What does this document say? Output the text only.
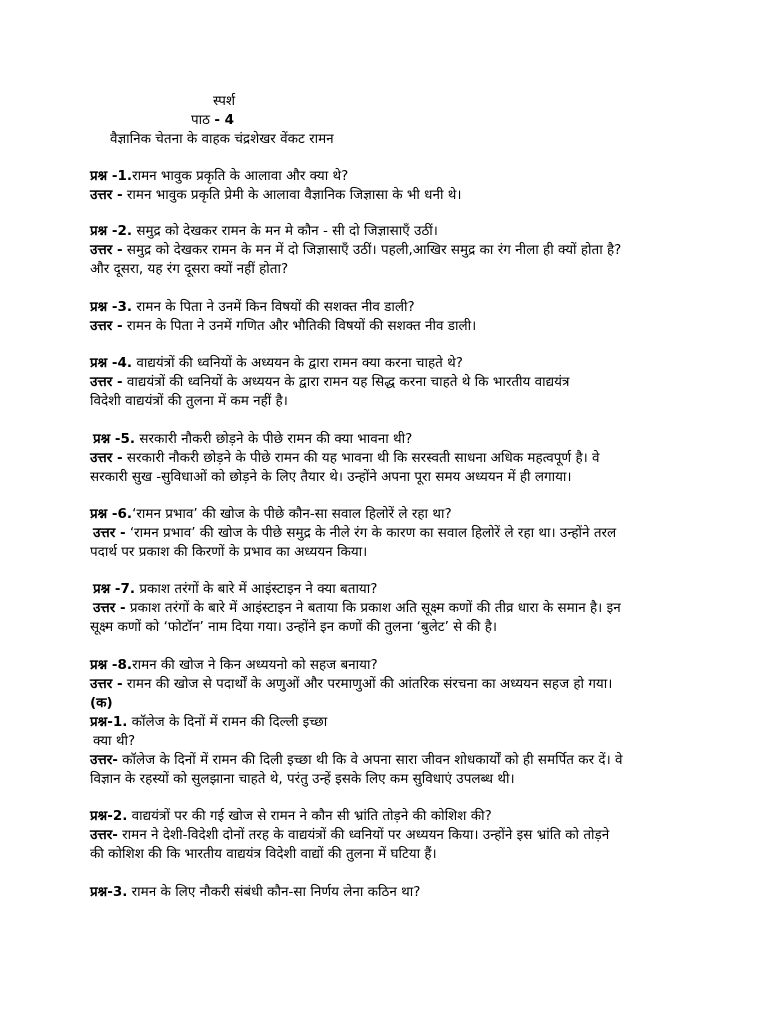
स्पर्श
पाठ - 4
वैज्ञानिक चेतना के वाहक चंद्रशेखर वेंकट रामन
प्रश्न -1.रामन भावुक प्रकृति के आलावा और क्या थे?
उत्तर - रामन भावुक प्रकृति प्रेमी के आलावा वैज्ञानिक जिज्ञासा के भी धनी थे।
प्रश्न -2. समुद्र को देखकर रामन के मन मे कौन - सी दो जिज्ञासाएँ उठीं।
उत्तर - समुद्र को देखकर रामन के मन में दो जिज्ञासाएँ उठीं। पहली,आखिर समुद्र का रंग नीला ही क्यों होता है?
और दूसरा, यह रंग दूसरा क्यों नहीं होता?
प्रश्न -3. रामन के पिता ने उनमें किन विषयों की सशक्त नीव डाली?
उत्तर - रामन के पिता ने उनमें गणित और भौतिकी विषयों की सशक्त नीव डाली।
प्रश्न -4. वाद्ययंत्रों की ध्वनियों के अध्ययन के द्वारा रामन क्या करना चाहते थे?
उत्तर - वाद्ययंत्रों की ध्वनियों के अध्ययन के द्वारा रामन यह सिद्ध करना चाहते थे कि भारतीय वाद्ययंत्र
विदेशी वाद्ययंत्रों की तुलना में कम नहीं है।
प्रश्न -5. सरकारी नौकरी छोड़ने के पीछे रामन की क्या भावना थी?
उत्तर - सरकारी नौकरी छोड़ने के पीछे रामन की यह भावना थी कि सरस्वती साधना अधिक महत्वपूर्ण है। वे
सरकारी सुख -सुविधाओं को छोड़ने के लिए तैयार थे। उन्होंने अपना पूरा समय अध्ययन में ही लगाया।
प्रश्न -6.‘रामन प्रभाव’ की खोज के पीछे कौन-सा सवाल हिलोरें ले रहा था?
उत्तर - ‘रामन प्रभाव’ की खोज के पीछे समुद्र के नीले रंग के कारण का सवाल हिलोरें ले रहा था। उन्होंने तरल
पदार्थ पर प्रकाश की किरणों के प्रभाव का अध्ययन किया।
प्रश्न -7. प्रकाश तरंगों के बारे में आइंस्टाइन ने क्या बताया?
उत्तर - प्रकाश तरंगों के बारे में आइंस्टाइन ने बताया कि प्रकाश अति सूक्ष्म कणों की तीव्र धारा के समान है। इन
सूक्ष्म कणों को ‘फोटॉन’ नाम दिया गया। उन्होंने इन कणों की तुलना ‘बुलेट’ से की है।
प्रश्न -8.रामन की खोज ने किन अध्ययनो को सहज बनाया?
उत्तर - रामन की खोज से पदार्थों के अणुओं और परमाणुओं की आंतरिक संरचना का अध्ययन सहज हो गया।
(क)
प्रश्न-1. कॉलेज के दिनों में रामन की दिल्ली इच्छा
क्या थी?
उत्तर- कॉलेज के दिनों में रामन की दिली इच्छा थी कि वे अपना सारा जीवन शोधकार्यों को ही समर्पित कर दें। वे
विज्ञान के रहस्यों को सुलझाना चाहते थे, परंतु उन्हें इसके लिए कम सुविधाएं उपलब्ध थी।
प्रश्न-2. वाद्ययंत्रों पर की गई खोज से रामन ने कौन सी भ्रांति तोड़ने की कोशिश की?
उत्तर- रामन ने देशी-विदेशी दोनों तरह के वाद्ययंत्रों की ध्वनियों पर अध्ययन किया। उन्होंने इस भ्रांति को तोड़ने
की कोशिश की कि भारतीय वाद्ययंत्र विदेशी वाद्यों की तुलना में घटिया हैं।
प्रश्न-3. रामन के लिए नौकरी संबंधी कौन-सा निर्णय लेना कठिन था?
